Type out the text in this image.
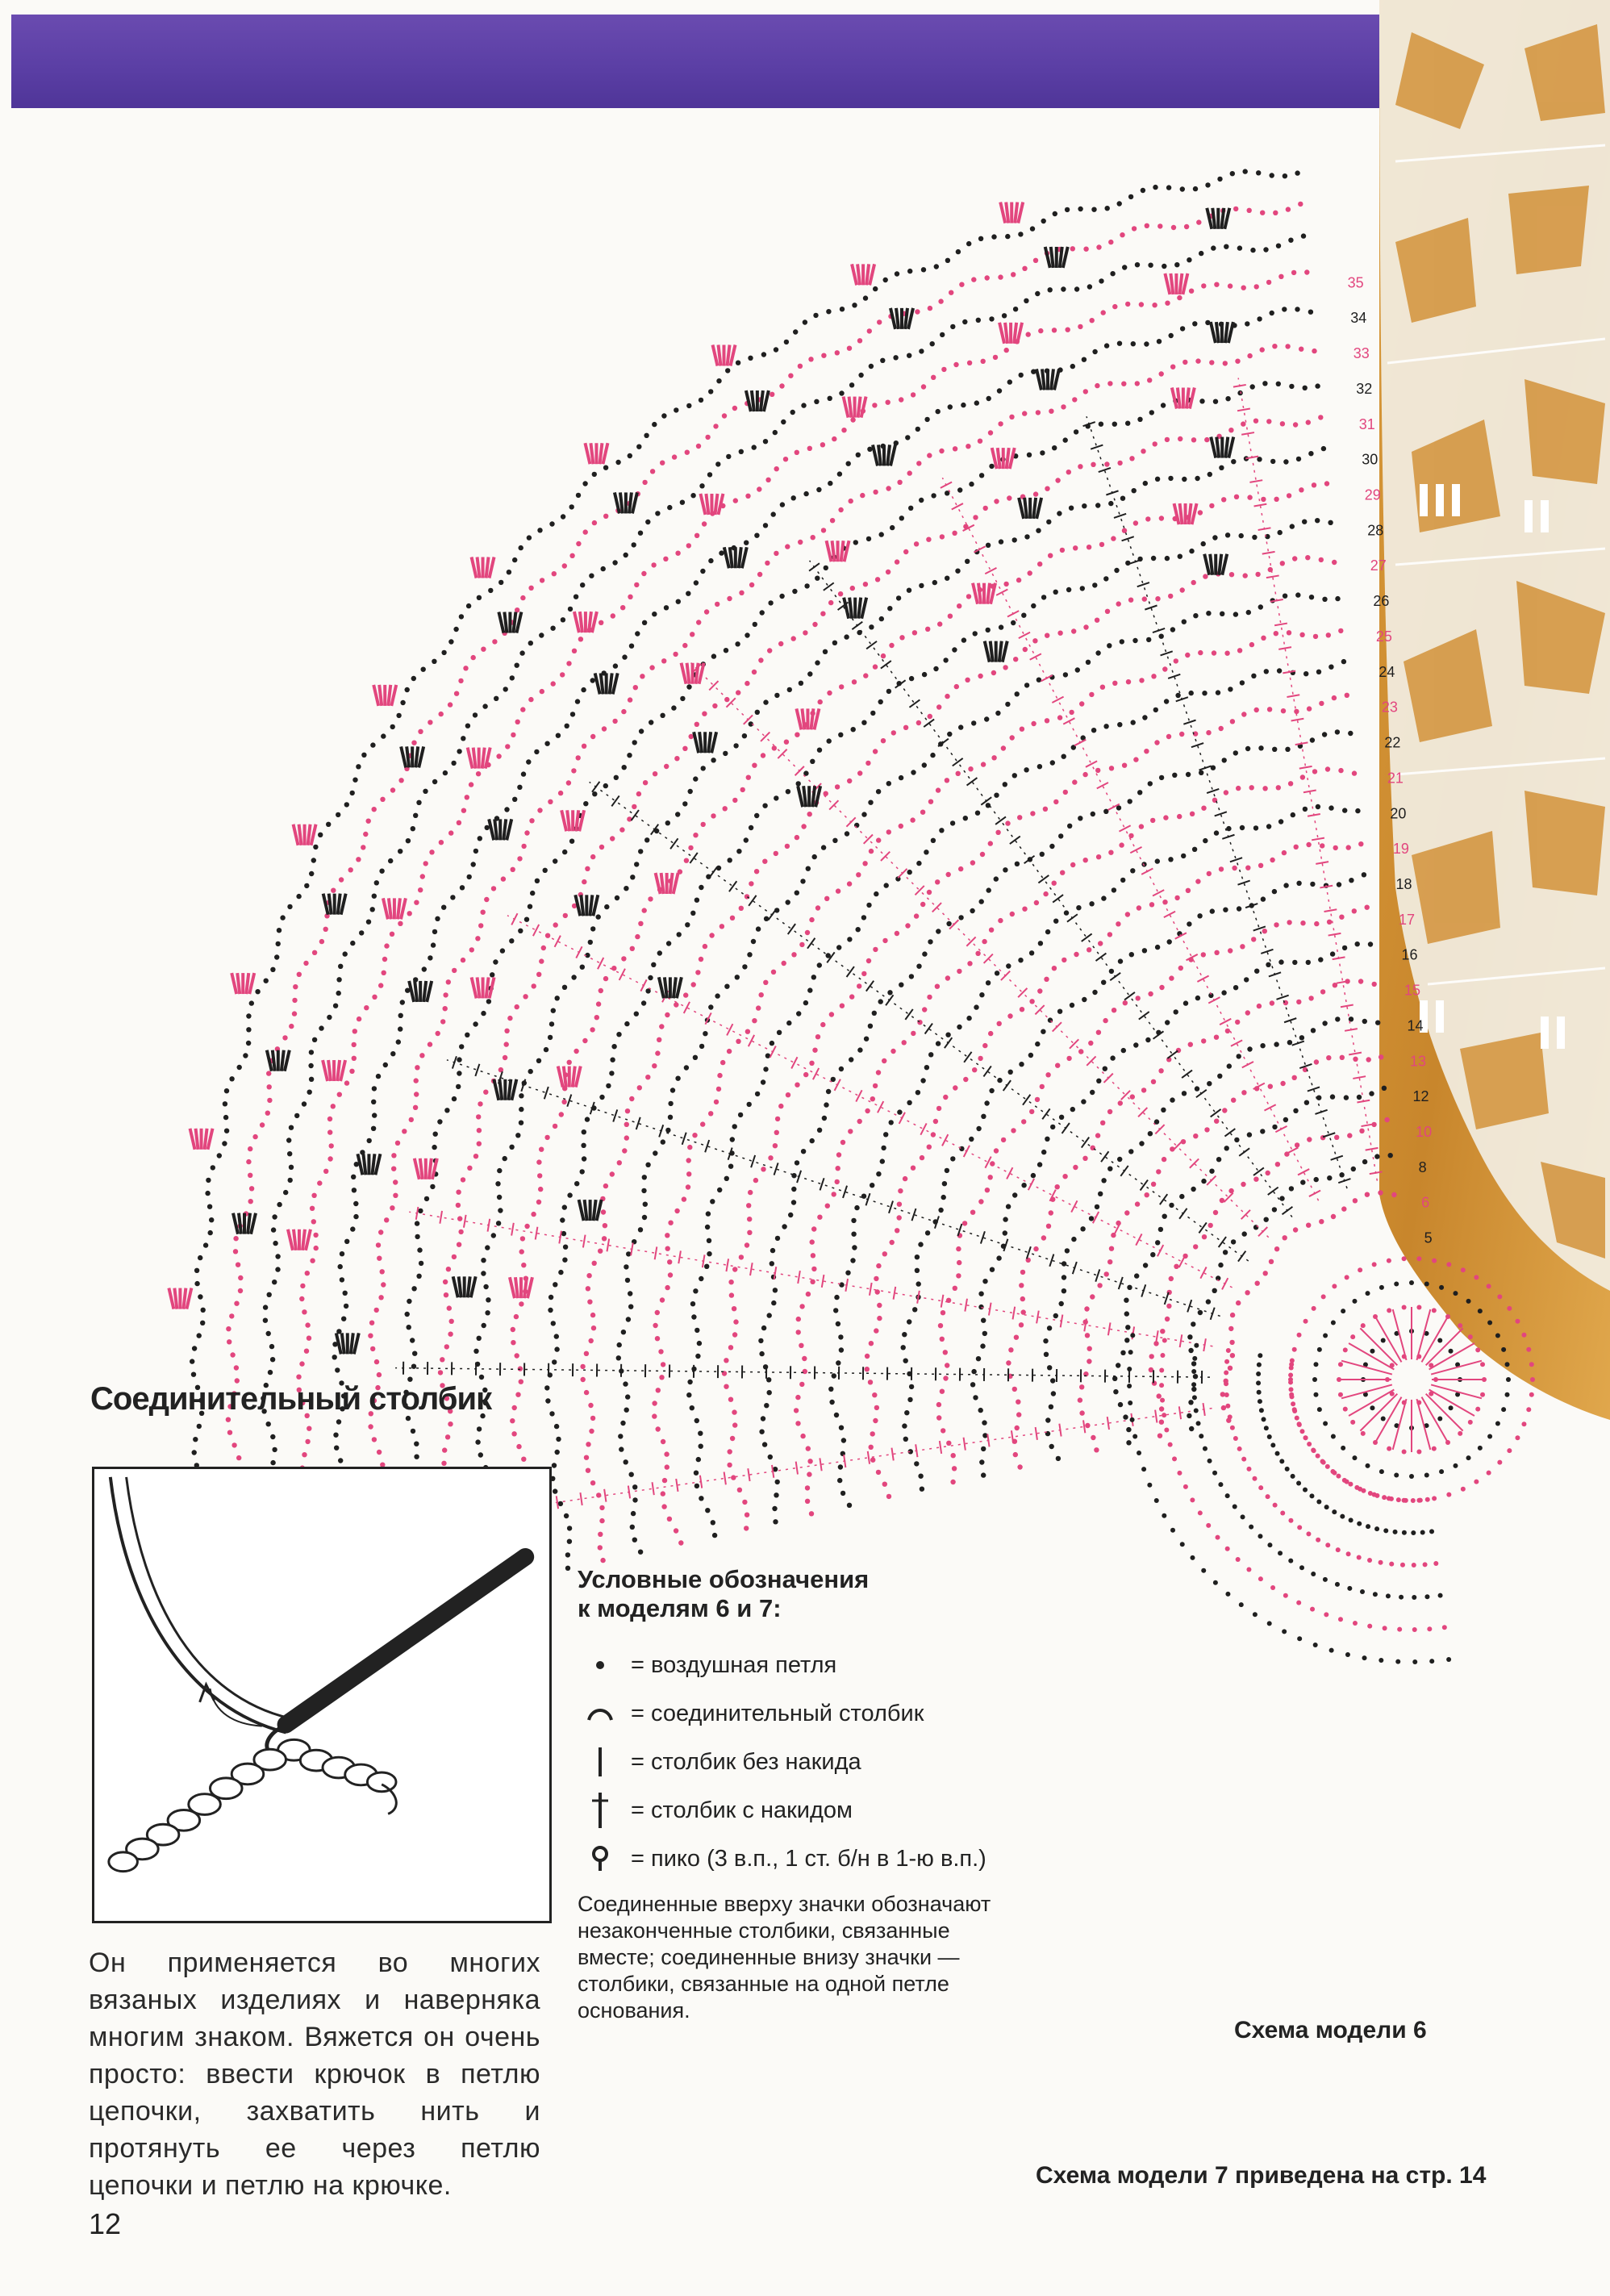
5
6
8
10
12
13
14
15
16
17
18
19
20
21
22
23
24
25
26
27
28
29
30
31
32
33
34
35
Соединительный столбик
Он применяется во многих вязаных изделиях и наверняка многим знаком. Вяжется он очень просто: ввести крючок в петлю цепочки, захватить нить и протянуть ее через петлю цепочки и петлю на крючке.
12
Условные обозначения
к моделям 6 и 7:
= воздушная петля
= соединительный столбик
= столбик без накида
= столбик с накидом
= пико (3 в.п., 1 ст. б/н в 1-ю в.п.)
Соединенные вверху значки обозначают незаконченные столбики, связанные вместе; соединенные внизу значки — столбики, связанные на одной петле основания.
Схема модели 6
Схема модели 7 приведена на стр. 14
